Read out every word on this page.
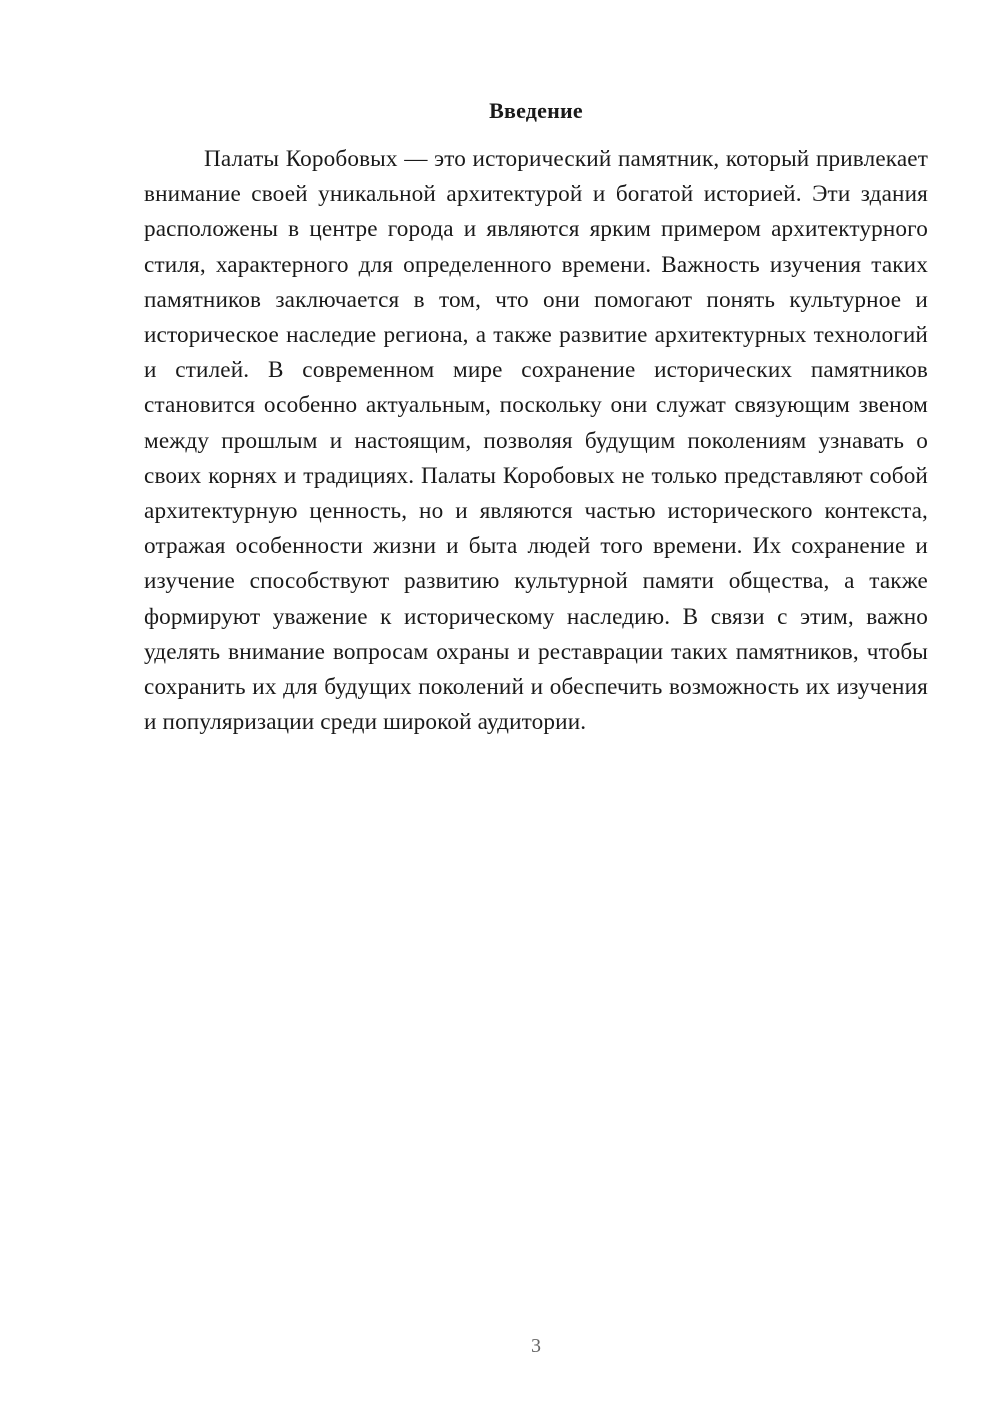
Введение

Палаты Коробовых — это исторический памятник, который привлекает внимание своей уникальной архитектурой и богатой историей. Эти здания расположены в центре города и являются ярким примером архитектурного стиля, характерного для определенного времени. Важность изучения таких памятников заключается в том, что они помогают понять культурное и историческое наследие региона, а также развитие архитектурных технологий и стилей. В современном мире сохранение исторических памятников становится особенно актуальным, поскольку они служат связующим звеном между прошлым и настоящим, позволяя будущим поколениям узнавать о своих корнях и традициях. Палаты Коробовых не только представляют собой архитектурную ценность, но и являются частью исторического контекста, отражая особенности жизни и быта людей того времени. Их сохранение и изучение способствуют развитию культурной памяти общества, а также формируют уважение к историческому наследию. В связи с этим, важно уделять внимание вопросам охраны и реставрации таких памятников, чтобы сохранить их для будущих поколений и обеспечить возможность их изучения и популяризации среди широкой аудитории.

3
